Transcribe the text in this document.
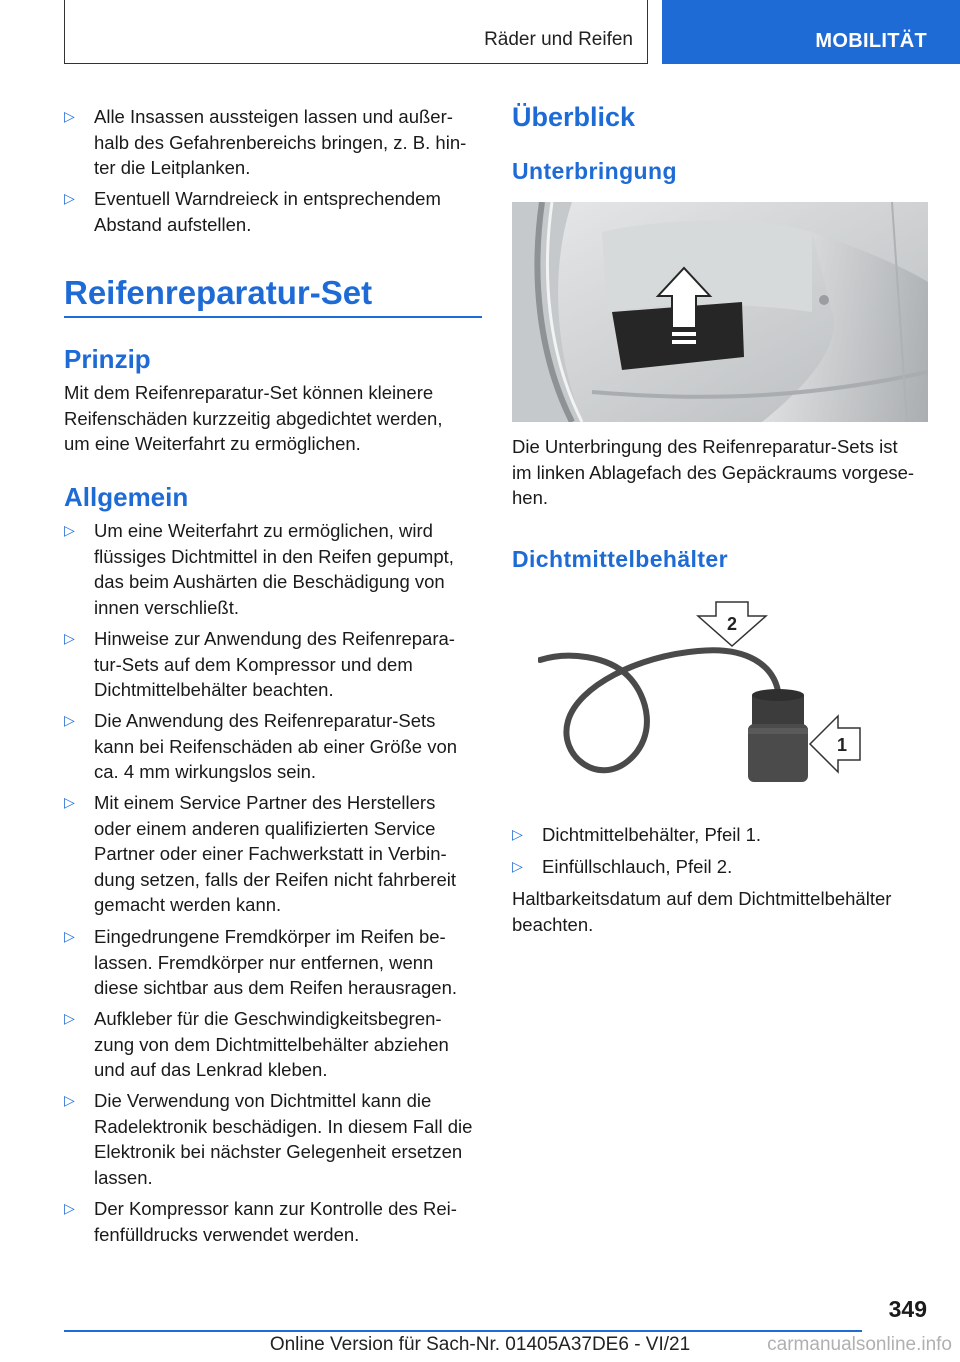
Räder und Reifen	MOBILITÄT
▷ Alle Insassen aussteigen lassen und außer-
halb des Gefahrenbereichs bringen, z. B. hin-
ter die Leitplanken.
▷ Eventuell Warndreieck in entsprechendem
Abstand aufstellen.
Reifenreparatur-Set
Prinzip
Mit dem Reifenreparatur-Set können kleinere
Reifenschäden kurzzeitig abgedichtet werden,
um eine Weiterfahrt zu ermöglichen.
Allgemein
▷ Um eine Weiterfahrt zu ermöglichen, wird
flüssiges Dichtmittel in den Reifen gepumpt,
das beim Aushärten die Beschädigung von
innen verschließt.
▷ Hinweise zur Anwendung des Reifenrepara-
tur-Sets auf dem Kompressor und dem
Dichtmittelbehälter beachten.
▷ Die Anwendung des Reifenreparatur-Sets
kann bei Reifenschäden ab einer Größe von
ca. 4 mm wirkungslos sein.
▷ Mit einem Service Partner des Herstellers
oder einem anderen qualifizierten Service
Partner oder einer Fachwerkstatt in Verbin-
dung setzen, falls der Reifen nicht fahrbereit
gemacht werden kann.
▷ Eingedrungene Fremdkörper im Reifen be-
lassen. Fremdkörper nur entfernen, wenn
diese sichtbar aus dem Reifen herausragen.
▷ Aufkleber für die Geschwindigkeitsbegren-
zung von dem Dichtmittelbehälter abziehen
und auf das Lenkrad kleben.
▷ Die Verwendung von Dichtmittel kann die
Radelektronik beschädigen. In diesem Fall die
Elektronik bei nächster Gelegenheit ersetzen
lassen.
▷ Der Kompressor kann zur Kontrolle des Rei-
fenfülldrucks verwendet werden.
Überblick
Unterbringung
Die Unterbringung des Reifenreparatur-Sets ist
im linken Ablagefach des Gepäckraums vorgese-
hen.
Dichtmittelbehälter
2
1
▷ Dichtmittelbehälter, Pfeil 1.
▷ Einfüllschlauch, Pfeil 2.
Haltbarkeitsdatum auf dem Dichtmittelbehälter
beachten.
349
Online Version für Sach-Nr. 01405A37DE6 - VI/21	carmanualsonline.info
